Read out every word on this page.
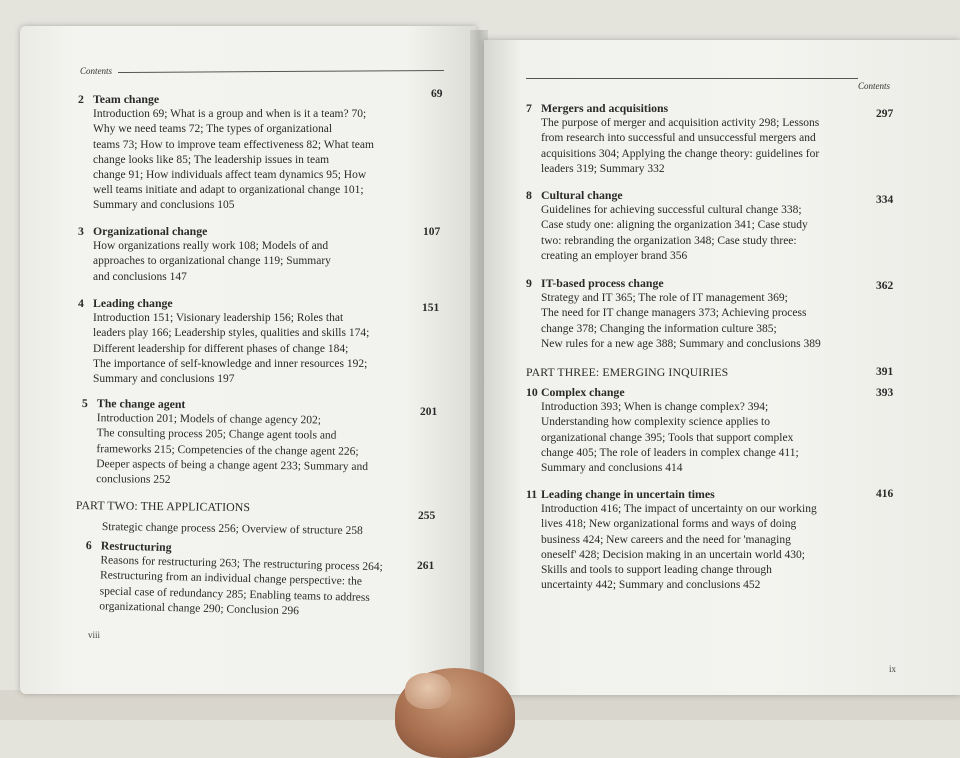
Contents
2 Team change
Introduction 69; What is a group and when is it a team? 70;
Why we need teams 72; The types of organizational
teams 73; How to improve team effectiveness 82; What team
change looks like 85; The leadership issues in team
change 91; How individuals affect team dynamics 95; How
well teams initiate and adapt to organizational change 101;
Summary and conclusions 105
69
3 Organizational change
How organizations really work 108; Models of and
approaches to organizational change 119; Summary
and conclusions 147
107
4 Leading change
Introduction 151; Visionary leadership 156; Roles that
leaders play 166; Leadership styles, qualities and skills 174;
Different leadership for different phases of change 184;
The importance of self-knowledge and inner resources 192;
Summary and conclusions 197
151
5 The change agent
Introduction 201; Models of change agency 202;
The consulting process 205; Change agent tools and
frameworks 215; Competencies of the change agent 226;
Deeper aspects of being a change agent 233; Summary and
conclusions 252
201
PART TWO: THE APPLICATIONS
255
Strategic change process 256; Overview of structure 258
6 Restructuring
Reasons for restructuring 263; The restructuring process 264;
Restructuring from an individual change perspective: the
special case of redundancy 285; Enabling teams to address
organizational change 290; Conclusion 296
261
viii
Contents
7 Mergers and acquisitions
The purpose of merger and acquisition activity 298; Lessons
from research into successful and unsuccessful mergers and
acquisitions 304; Applying the change theory: guidelines for
leaders 319; Summary 332
297
8 Cultural change
Guidelines for achieving successful cultural change 338;
Case study one: aligning the organization 341; Case study
two: rebranding the organization 348; Case study three:
creating an employer brand 356
334
9 IT-based process change
Strategy and IT 365; The role of IT management 369;
The need for IT change managers 373; Achieving process
change 378; Changing the information culture 385;
New rules for a new age 388; Summary and conclusions 389
362
PART THREE: EMERGING INQUIRIES	391
10 Complex change
Introduction 393; When is change complex? 394;
Understanding how complexity science applies to
organizational change 395; Tools that support complex
change 405; The role of leaders in complex change 411;
Summary and conclusions 414
393
11 Leading change in uncertain times
Introduction 416; The impact of uncertainty on our working
lives 418; New organizational forms and ways of doing
business 424; New careers and the need for 'managing
oneself' 428; Decision making in an uncertain world 430;
Skills and tools to support leading change through
uncertainty 442; Summary and conclusions 452
416
ix
